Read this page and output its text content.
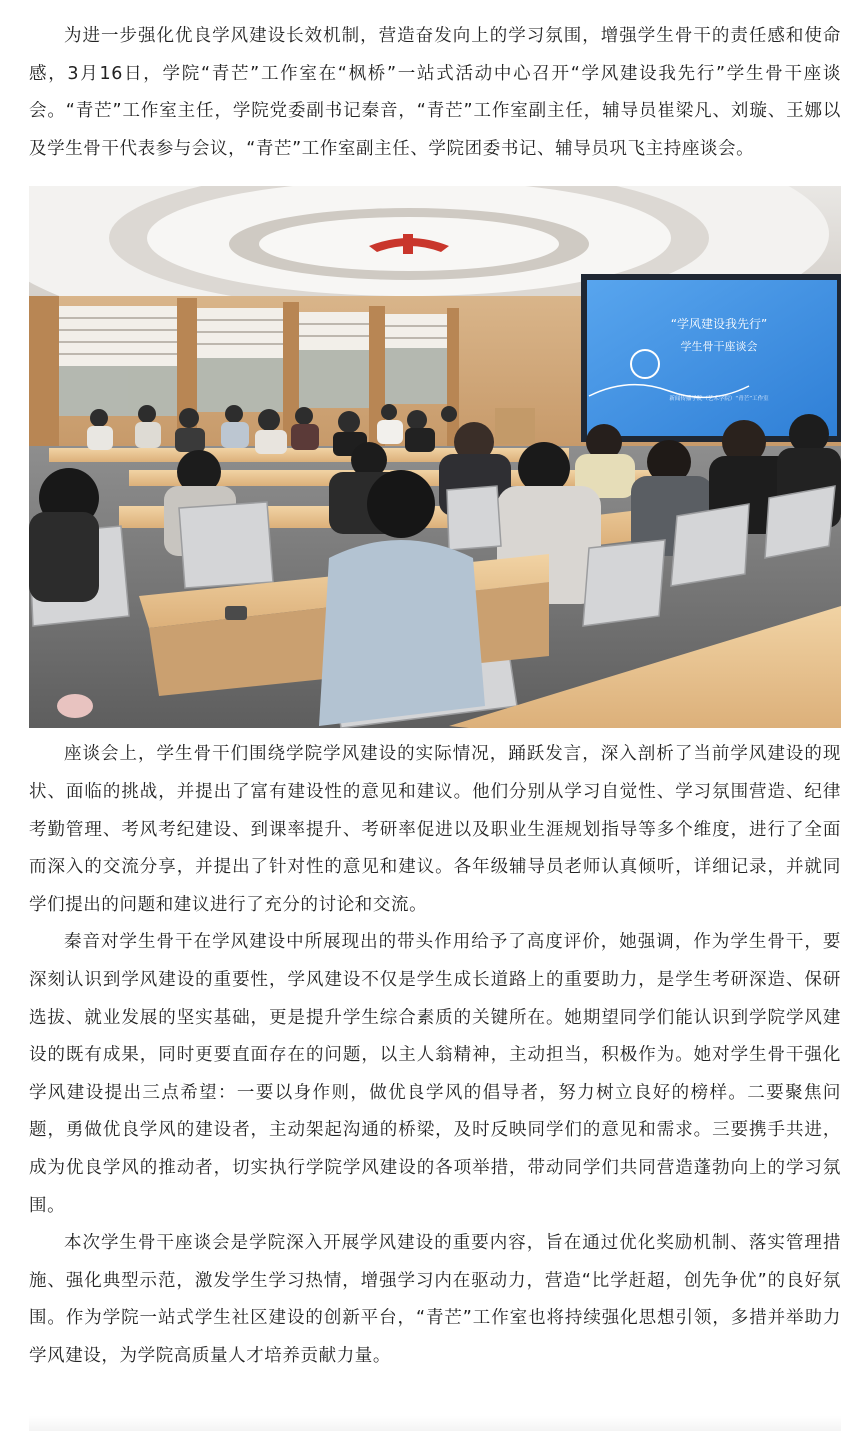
为进一步强化优良学风建设长效机制，营造奋发向上的学习氛围，增强学生骨干的责任感和使命感，3月16日，学院“青芒”工作室在“枫桥”一站式活动中心召开“学风建设我先行”学生骨干座谈会。“青芒”工作室主任，学院党委副书记秦音，“青芒”工作室副主任，辅导员崔梁凡、刘璇、王娜以及学生骨干代表参与会议，“青芒”工作室副主任、学院团委书记、辅导员巩飞主持座谈会。

“学风建设我先行”
学生骨干座谈会
新闻传播学院（艺术学院）“青芒”工作室

座谈会上，学生骨干们围绕学院学风建设的实际情况，踊跃发言，深入剖析了当前学风建设的现状、面临的挑战，并提出了富有建设性的意见和建议。他们分别从学习自觉性、学习氛围营造、纪律考勤管理、考风考纪建设、到课率提升、考研率促进以及职业生涯规划指导等多个维度，进行了全面而深入的交流分享，并提出了针对性的意见和建议。各年级辅导员老师认真倾听，详细记录，并就同学们提出的问题和建议进行了充分的讨论和交流。

秦音对学生骨干在学风建设中所展现出的带头作用给予了高度评价，她强调，作为学生骨干，要深刻认识到学风建设的重要性，学风建设不仅是学生成长道路上的重要助力，是学生考研深造、保研选拔、就业发展的坚实基础，更是提升学生综合素质的关键所在。她期望同学们能认识到学院学风建设的既有成果，同时更要直面存在的问题，以主人翁精神，主动担当，积极作为。她对学生骨干强化学风建设提出三点希望：一要以身作则，做优良学风的倡导者，努力树立良好的榜样。二要聚焦问题，勇做优良学风的建设者，主动架起沟通的桥梁，及时反映同学们的意见和需求。三要携手共进，成为优良学风的推动者，切实执行学院学风建设的各项举措，带动同学们共同营造蓬勃向上的学习氛围。

本次学生骨干座谈会是学院深入开展学风建设的重要内容，旨在通过优化奖励机制、落实管理措施、强化典型示范，激发学生学习热情，增强学习内在驱动力，营造“比学赶超，创先争优”的良好氛围。作为学院一站式学生社区建设的创新平台，“青芒”工作室也将持续强化思想引领，多措并举助力学风建设，为学院高质量人才培养贡献力量。
